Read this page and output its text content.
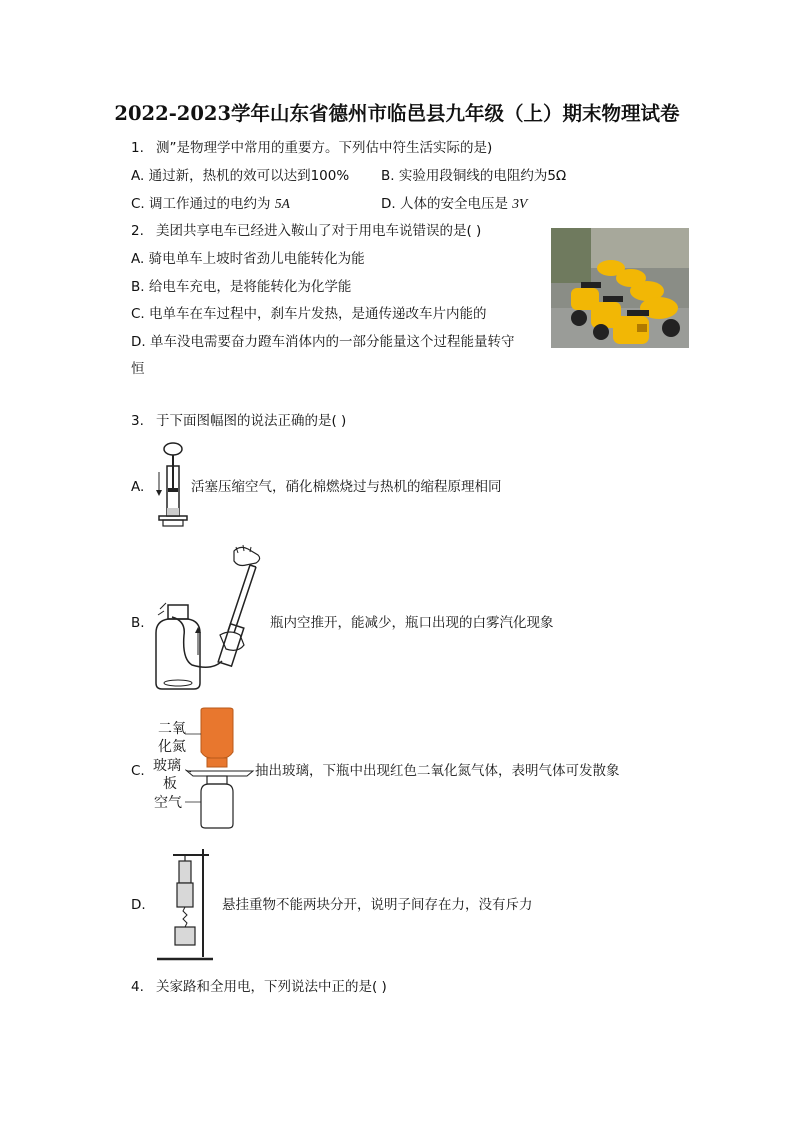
2022-2023学年山东省德州市临邑县九年级（上）期末物理试卷
1. 测”是物理学中常用的重要方。下列估中符生活实际的是)
A. 通过新，热机的效可以达到100% B. 实验用段铜线的电阻约为5Ω
C. 调工作通过的电约为 5A	D. 人体的安全电压是 3V
2. 美团共享电车已经进入鞍山了对于用电车说错误的是( )
A. 骑电单车上坡时省劲儿电能转化为能
B. 给电车充电，是将能转化为化学能
C. 电单车在车过程中，刹车片发热，是通传递改车片内能的
D. 单车没电需要奋力蹬车消体内的一部分能量这个过程能量转守
恒
3. 于下面图幅图的说法正确的是( )
A.	活塞压缩空气，硝化棉燃烧过与热机的缩程原理相同
B.	瓶内空推开，能减少，瓶口出现的白雾汽化现象
C.
二氧
化氮
玻璃
板
空气
抽出玻璃，下瓶中出现红色二氧化氮气体，表明气体可发散象
D.	悬挂重物不能两块分开，说明子间存在力，没有斥力
4. 关家路和全用电，下列说法中正的是( )
